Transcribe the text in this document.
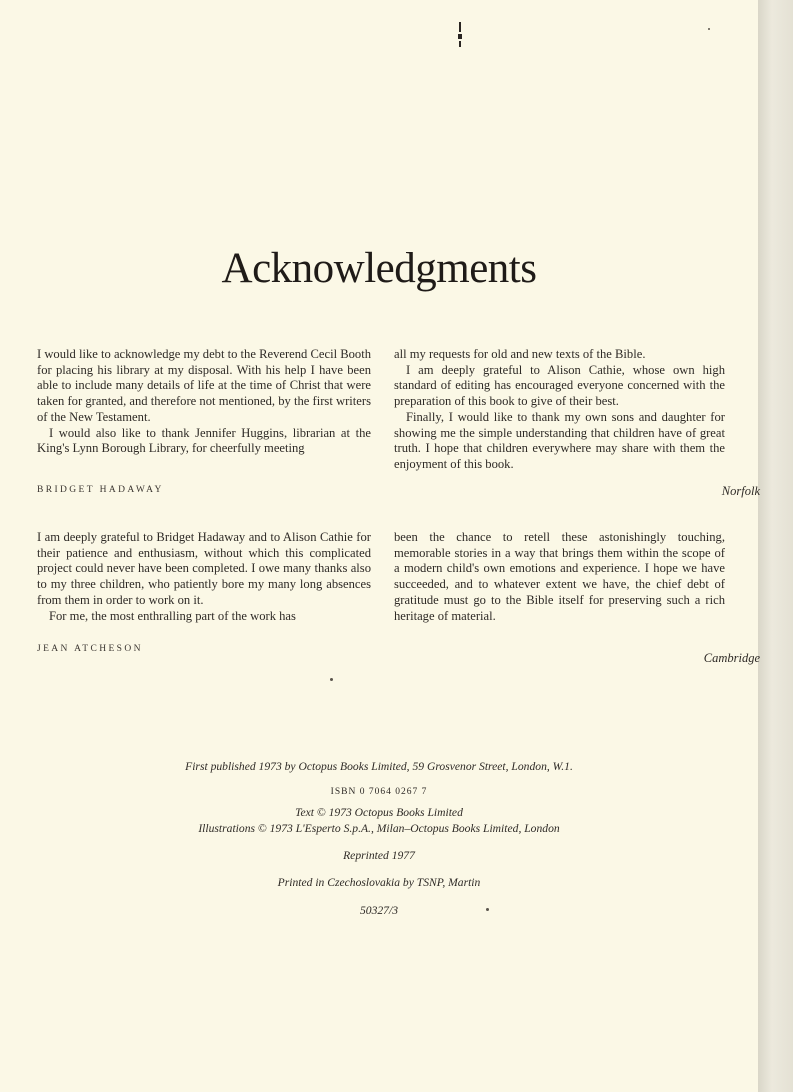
Acknowledgments

I would like to acknowledge my debt to the Reverend Cecil Booth for placing his library at my disposal. With his help I have been able to include many details of life at the time of Christ that were taken for granted, and therefore not mentioned, by the first writers of the New Testament.

I would also like to thank Jennifer Huggins, librarian at the King's Lynn Borough Library, for cheerfully meeting

BRIDGET HADAWAY

all my requests for old and new texts of the Bible.

I am deeply grateful to Alison Cathie, whose own high standard of editing has encouraged everyone concerned with the preparation of this book to give of their best.

Finally, I would like to thank my own sons and daughter for showing me the simple understanding that children have of great truth. I hope that children everywhere may share with them the enjoyment of this book.

Norfolk

I am deeply grateful to Bridget Hadaway and to Alison Cathie for their patience and enthusiasm, without which this complicated project could never have been completed. I owe many thanks also to my three children, who patiently bore my many long absences from them in order to work on it.

For me, the most enthralling part of the work has

JEAN ATCHESON

been the chance to retell these astonishingly touching, memorable stories in a way that brings them within the scope of a modern child's own emotions and experience. I hope we have succeeded, and to whatever extent we have, the chief debt of gratitude must go to the Bible itself for preserving such a rich heritage of material.

Cambridge
First published 1973 by Octopus Books Limited, 59 Grosvenor Street, London, W.1.
ISBN 0 7064 0267 7
Text © 1973 Octopus Books Limited
Illustrations © 1973 L'Esperto S.p.A., Milan–Octopus Books Limited, London
Reprinted 1977
Printed in Czechoslovakia by TSNP, Martin
50327/3
